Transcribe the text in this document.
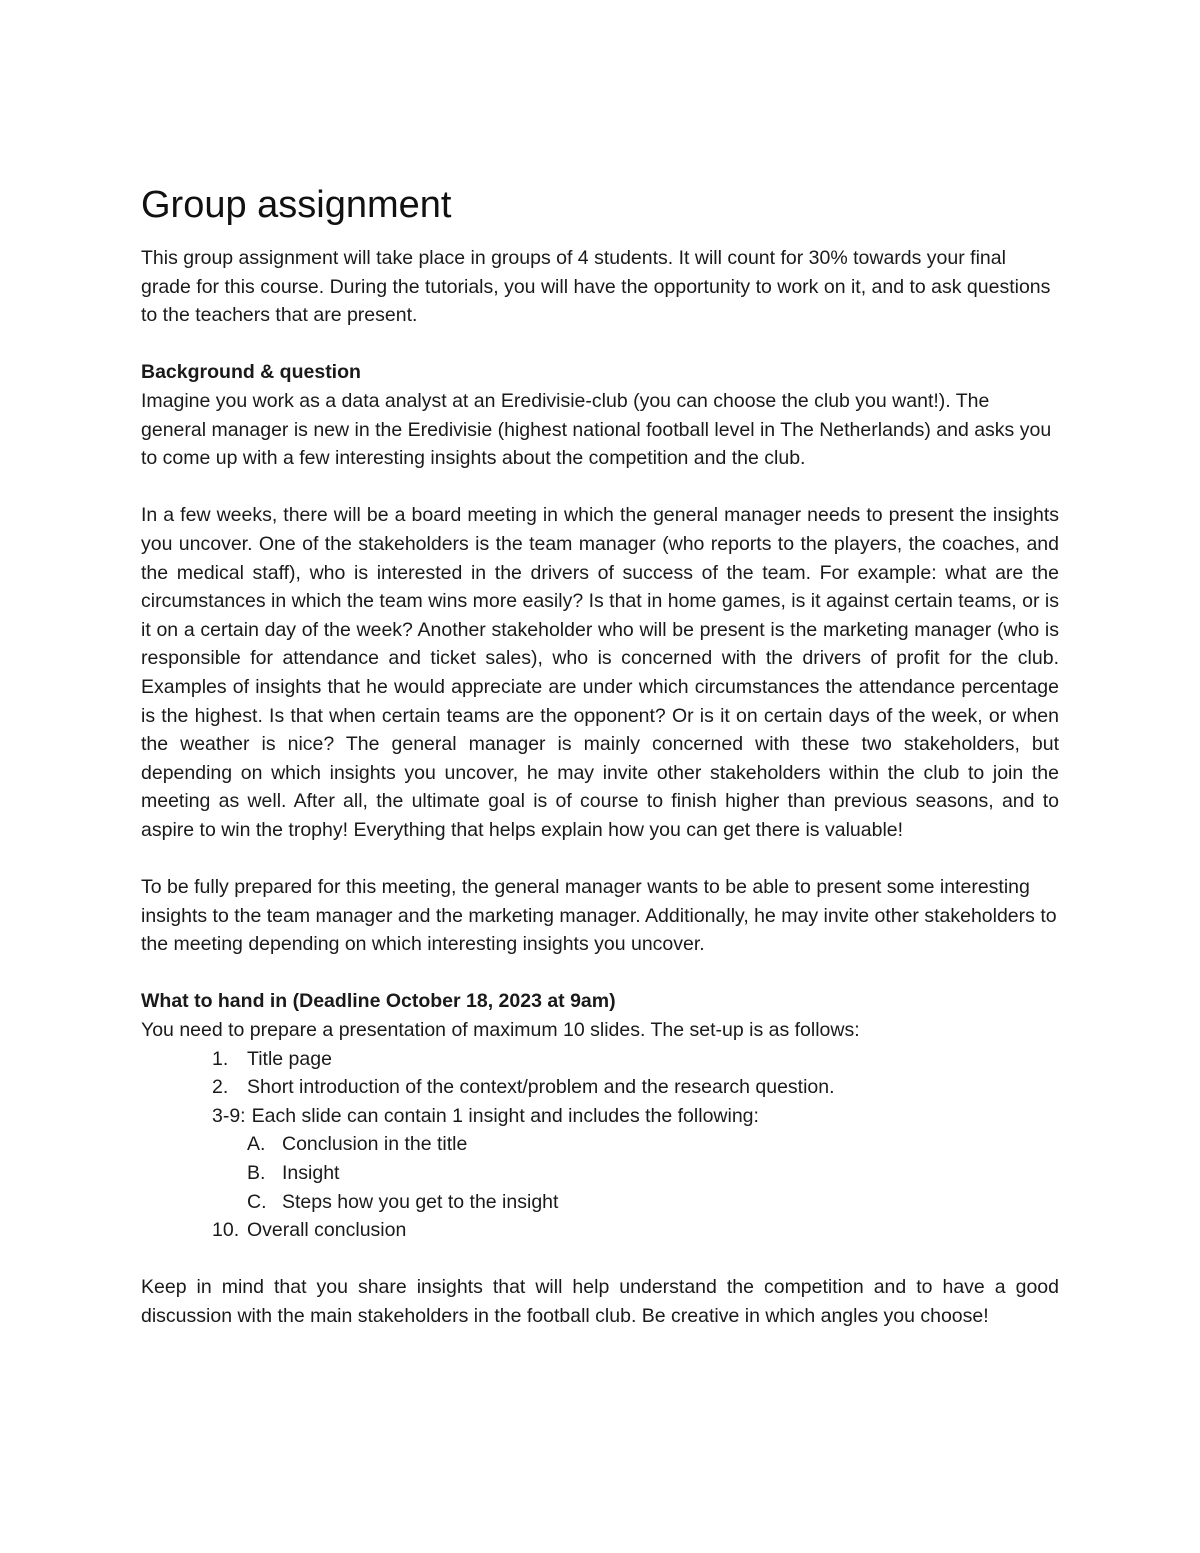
Group assignment

This group assignment will take place in groups of 4 students. It will count for 30% towards your final grade for this course. During the tutorials, you will have the opportunity to work on it, and to ask questions to the teachers that are present.

Background & question

Imagine you work as a data analyst at an Eredivisie-club (you can choose the club you want!). The general manager is new in the Eredivisie (highest national football level in The Netherlands) and asks you to come up with a few interesting insights about the competition and the club.

In a few weeks, there will be a board meeting in which the general manager needs to present the insights you uncover. One of the stakeholders is the team manager (who reports to the players, the coaches, and the medical staff), who is interested in the drivers of success of the team. For example: what are the circumstances in which the team wins more easily? Is that in home games, is it against certain teams, or is it on a certain day of the week? Another stakeholder who will be present is the marketing manager (who is responsible for attendance and ticket sales), who is concerned with the drivers of profit for the club. Examples of insights that he would appreciate are under which circumstances the attendance percentage is the highest. Is that when certain teams are the opponent? Or is it on certain days of the week, or when the weather is nice? The general manager is mainly concerned with these two stakeholders, but depending on which insights you uncover, he may invite other stakeholders within the club to join the meeting as well. After all, the ultimate goal is of course to finish higher than previous seasons, and to aspire to win the trophy! Everything that helps explain how you can get there is valuable!

To be fully prepared for this meeting, the general manager wants to be able to present some interesting insights to the team manager and the marketing manager. Additionally, he may invite other stakeholders to the meeting depending on which interesting insights you uncover.

What to hand in (Deadline October 18, 2023 at 9am)

You need to prepare a presentation of maximum 10 slides. The set-up is as follows:

1. Title page
2. Short introduction of the context/problem and the research question.
3-9: Each slide can contain 1 insight and includes the following:
A. Conclusion in the title
B. Insight
C. Steps how you get to the insight
10. Overall conclusion

Keep in mind that you share insights that will help understand the competition and to have a good discussion with the main stakeholders in the football club. Be creative in which angles you choose!
